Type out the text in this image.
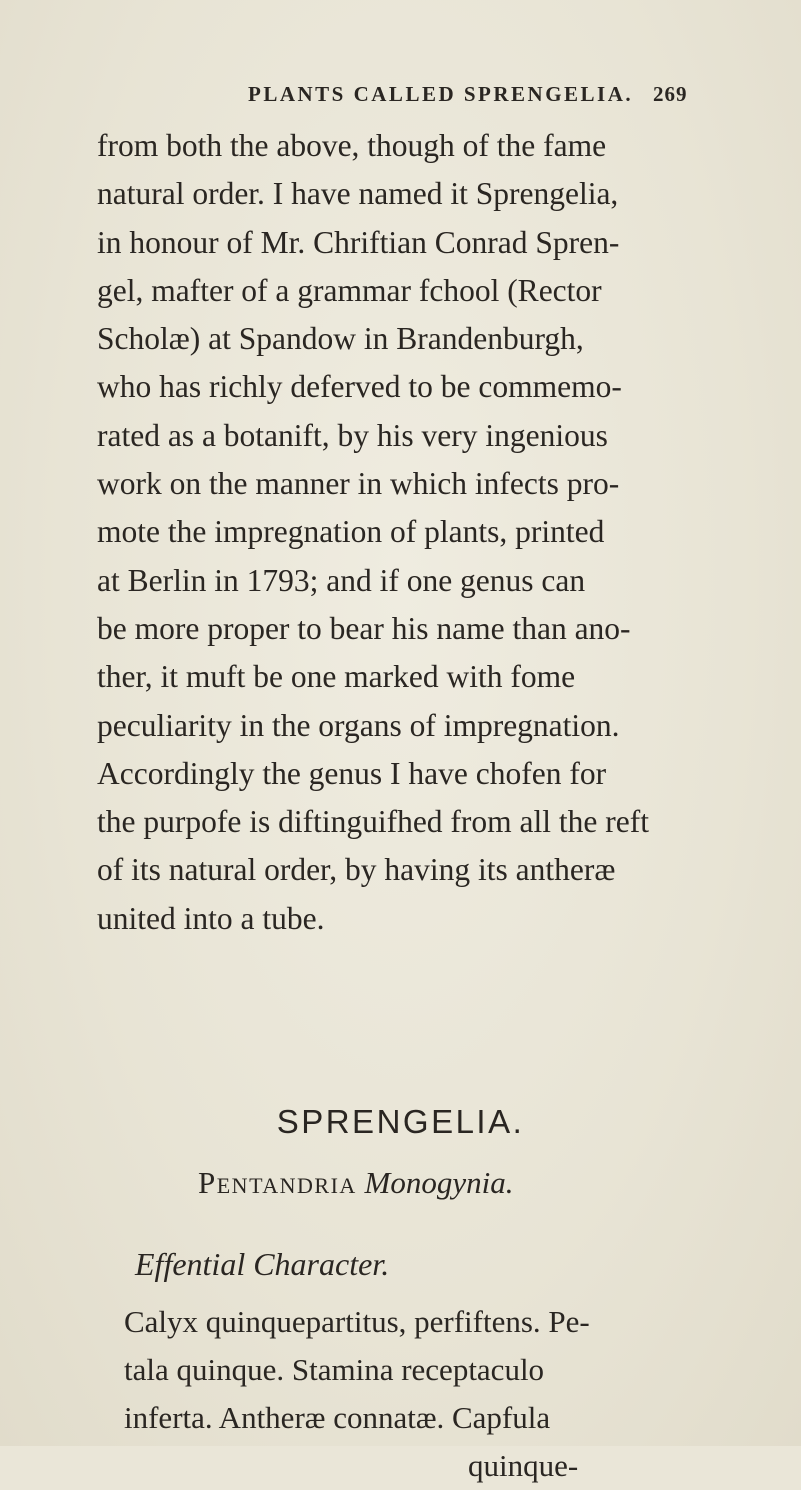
PLANTS CALLED SPRENGELIA. 269
from both the above, though of the fame
natural order. I have named it Sprengelia,
in honour of Mr. Chriftian Conrad Spren-
gel, mafter of a grammar fchool (Rector
Scholæ) at Spandow in Brandenburgh,
who has richly deferved to be commemo-
rated as a botanift, by his very ingenious
work on the manner in which infects pro-
mote the impregnation of plants, printed
at Berlin in 1793; and if one genus can
be more proper to bear his name than ano-
ther, it muft be one marked with fome
peculiarity in the organs of impregnation.
Accordingly the genus I have chofen for
the purpofe is diftinguifhed from all the reft
of its natural order, by having its antheræ
united into a tube.
SPRENGELIA.
Pentandria Monogynia.
Effential Character.
Calyx quinquepartitus, perfiftens. Pe-
tala quinque. Stamina receptaculo
inferta. Antheræ connatæ. Capfula
quinque-
